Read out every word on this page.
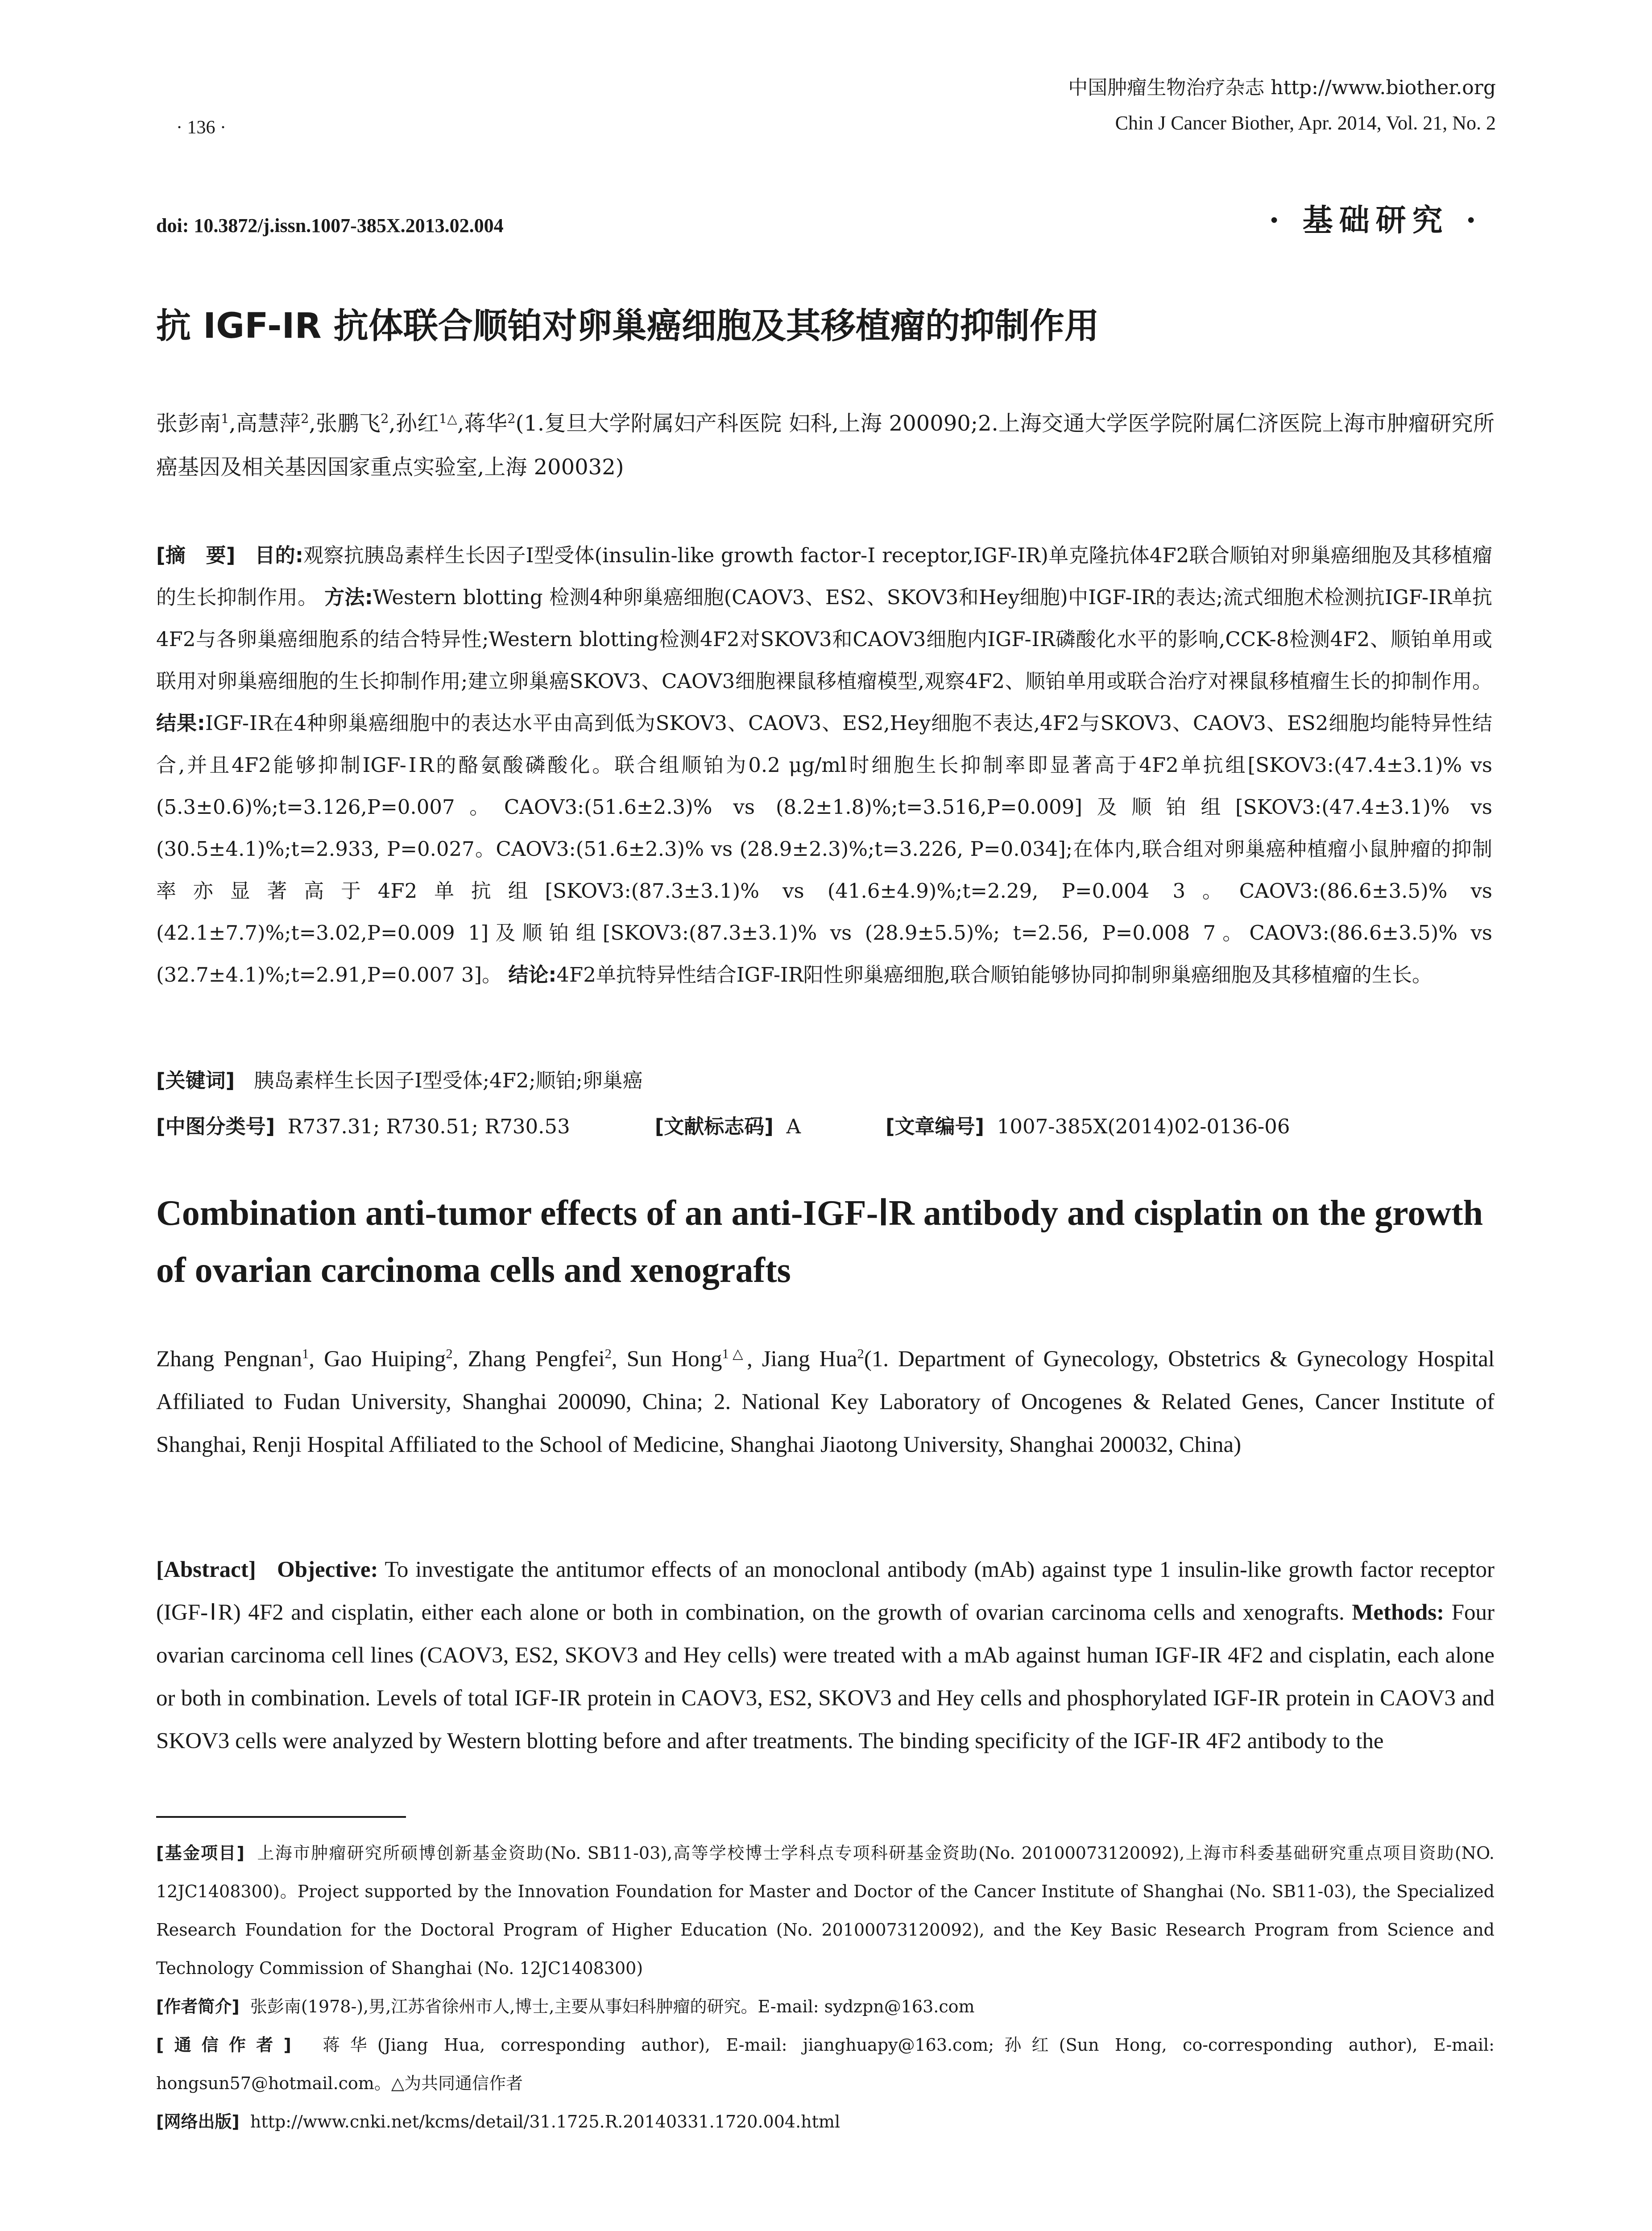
· 136 ·
中国肿瘤生物治疗杂志 http://www.biother.org
Chin J Cancer Biother, Apr. 2014, Vol. 21, No. 2
doi: 10.3872/j.issn.1007-385X.2013.02.004	· 基础研究 ·
抗 IGF-ⅠR 抗体联合顺铂对卵巢癌细胞及其移植瘤的抑制作用
张彭南$^1$,高慧萍$^2$,张鹏飞$^2$,孙红$^{1\triangle}$,蒋华$^2$(1.复旦大学附属妇产科医院 妇科,上海 200090;2.上海交通大学医学院附属仁济医院上海市肿瘤研究所 癌基因及相关基因国家重点实验室,上海 200032)
[摘　要] 目的:观察抗胰岛素样生长因子Ⅰ型受体(insulin-like growth factor-Ⅰ receptor,IGF-ⅠR)单克隆抗体4F2联合顺铂对卵巢癌细胞及其移植瘤的生长抑制作用。 方法:Western blotting 检测4种卵巢癌细胞(CAOV3、ES2、SKOV3和Hey细胞)中IGF-ⅠR的表达;流式细胞术检测抗IGF-ⅠR单抗4F2与各卵巢癌细胞系的结合特异性;Western blotting检测4F2对SKOV3和CAOV3细胞内IGF-ⅠR磷酸化水平的影响,CCK-8检测4F2、顺铂单用或联用对卵巢癌细胞的生长抑制作用;建立卵巢癌SKOV3、CAOV3细胞裸鼠移植瘤模型,观察4F2、顺铂单用或联合治疗对裸鼠移植瘤生长的抑制作用。 结果:IGF-ⅠR在4种卵巢癌细胞中的表达水平由高到低为SKOV3、CAOV3、ES2,Hey细胞不表达,4F2与SKOV3、CAOV3、ES2细胞均能特异性结合,并且4F2能够抑制IGF-ⅠR的酪氨酸磷酸化。联合组顺铂为0.2 μg/ml时细胞生长抑制率即显著高于4F2单抗组[SKOV3:(47.4±3.1)% vs (5.3±0.6)%;t=3.126,P=0.007。CAOV3:(51.6±2.3)% vs (8.2±1.8)%;t=3.516,P=0.009]及顺铂组[SKOV3:(47.4±3.1)% vs (30.5±4.1)%;t=2.933, P=0.027。CAOV3:(51.6±2.3)% vs (28.9±2.3)%;t=3.226, P=0.034];在体内,联合组对卵巢癌种植瘤小鼠肿瘤的抑制率亦显著高于4F2单抗组[SKOV3:(87.3±3.1)% vs (41.6±4.9)%;t=2.29, P=0.004 3。CAOV3:(86.6±3.5)% vs (42.1±7.7)%;t=3.02,P=0.009 1]及顺铂组[SKOV3:(87.3±3.1)% vs (28.9±5.5)%; t=2.56, P=0.008 7。CAOV3:(86.6±3.5)% vs (32.7±4.1)%;t=2.91,P=0.007 3]。 结论:4F2单抗特异性结合IGF-ⅠR阳性卵巢癌细胞,联合顺铂能够协同抑制卵巢癌细胞及其移植瘤的生长。
[关键词] 胰岛素样生长因子Ⅰ型受体;4F2;顺铂;卵巢癌
[中图分类号] R737.31; R730.51; R730.53	[文献标志码] A	[文章编号] 1007-385X(2014)02-0136-06
Combination anti-tumor effects of an anti-IGF-ⅠR antibody and cisplatin on the growth of ovarian carcinoma cells and xenografts
Zhang Pengnan$^1$, Gao Huiping$^2$, Zhang Pengfei$^2$, Sun Hong$^{1\triangle}$, Jiang Hua$^2$(1. Department of Gynecology, Obstetrics & Gynecology Hospital Affiliated to Fudan University, Shanghai 200090, China; 2. National Key Laboratory of Oncogenes & Related Genes, Cancer Institute of Shanghai, Renji Hospital Affiliated to the School of Medicine, Shanghai Jiaotong University, Shanghai 200032, China)
[Abstract] Objective: To investigate the antitumor effects of an monoclonal antibody (mAb) against type 1 insulin-like growth factor receptor (IGF-ⅠR) 4F2 and cisplatin, either each alone or both in combination, on the growth of ovarian carcinoma cells and xenografts. Methods: Four ovarian carcinoma cell lines (CAOV3, ES2, SKOV3 and Hey cells) were treated with a mAb against human IGF-IR 4F2 and cisplatin, each alone or both in combination. Levels of total IGF-IR protein in CAOV3, ES2, SKOV3 and Hey cells and phosphorylated IGF-IR protein in CAOV3 and SKOV3 cells were analyzed by Western blotting before and after treatments. The binding specificity of the IGF-IR 4F2 antibody to the

[基金项目] 上海市肿瘤研究所硕博创新基金资助(No. SB11-03),高等学校博士学科点专项科研基金资助(No. 20100073120092),上海市科委基础研究重点项目资助(NO. 12JC1408300)。Project supported by the Innovation Foundation for Master and Doctor of the Cancer Institute of Shanghai (No. SB11-03), the Specialized Research Foundation for the Doctoral Program of Higher Education (No. 20100073120092), and the Key Basic Research Program from Science and Technology Commission of Shanghai (No. 12JC1408300)

[作者简介] 张彭南(1978-),男,江苏省徐州市人,博士,主要从事妇科肿瘤的研究。E-mail: sydzpn@163.com

[通信作者] 蒋华(Jiang Hua, corresponding author), E-mail: jianghuapy@163.com;孙红(Sun Hong, co-corresponding author), E-mail: hongsun57@hotmail.com。△为共同通信作者

[网络出版] http://www.cnki.net/kcms/detail/31.1725.R.20140331.1720.004.html
